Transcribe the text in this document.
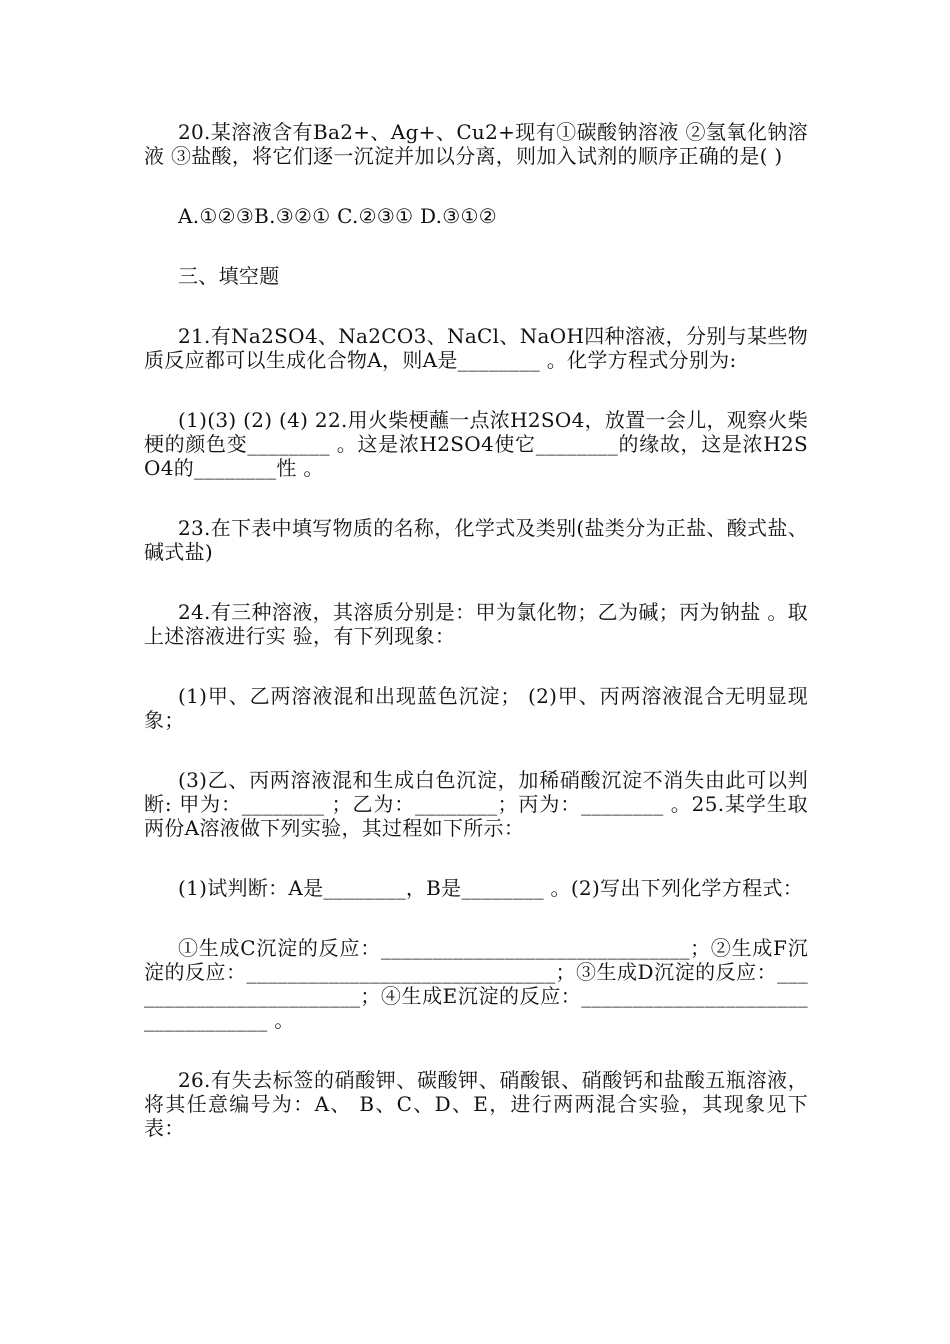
20.某溶液含有Ba2+、Ag+、Cu2+现有①碳酸钠溶液 ②氢氧化钠溶液 ③盐酸，将它们逐一沉淀并加以分离，则加入试剂的顺序正确的是( )

A.①②③B.③②① C.②③① D.③①②

三、填空题

21.有Na2SO4、Na2CO3、NaCl、NaOH四种溶液，分别与某些物质反应都可以生成化合物A，则A是________ 。化学方程式分别为:

(1)(3) (2) (4) 22.用火柴梗蘸一点浓H2SO4，放置一会儿，观察火柴梗的颜色变________ 。这是浓H2SO4使它________的缘故，这是浓H2SO4的________性 。

23.在下表中填写物质的名称，化学式及类别(盐类分为正盐、酸式盐、碱式盐)

24.有三种溶液，其溶质分别是：甲为氯化物；乙为碱；丙为钠盐 。取上述溶液进行实 验，有下列现象：

(1)甲、乙两溶液混和出现蓝色沉淀； (2)甲、丙两溶液混合无明显现象；

(3)乙、丙两溶液混和生成白色沉淀，加稀硝酸沉淀不消失由此可以判断: 甲为：________ ；乙为：________；丙为：________ 。25.某学生取两份A溶液做下列实验，其过程如下所示：

(1)试判断：A是________，B是________ 。(2)写出下列化学方程式：

①生成C沉淀的反应：______________________________；②生成F沉淀的反应：______________________________；③生成D沉淀的反应：________________________；④生成E沉淀的反应：__________________________________ 。

26.有失去标签的硝酸钾、碳酸钾、硝酸银、硝酸钙和盐酸五瓶溶液，将其任意编号为：A、 B、C、D、E，进行两两混合实验，其现象见下表：
